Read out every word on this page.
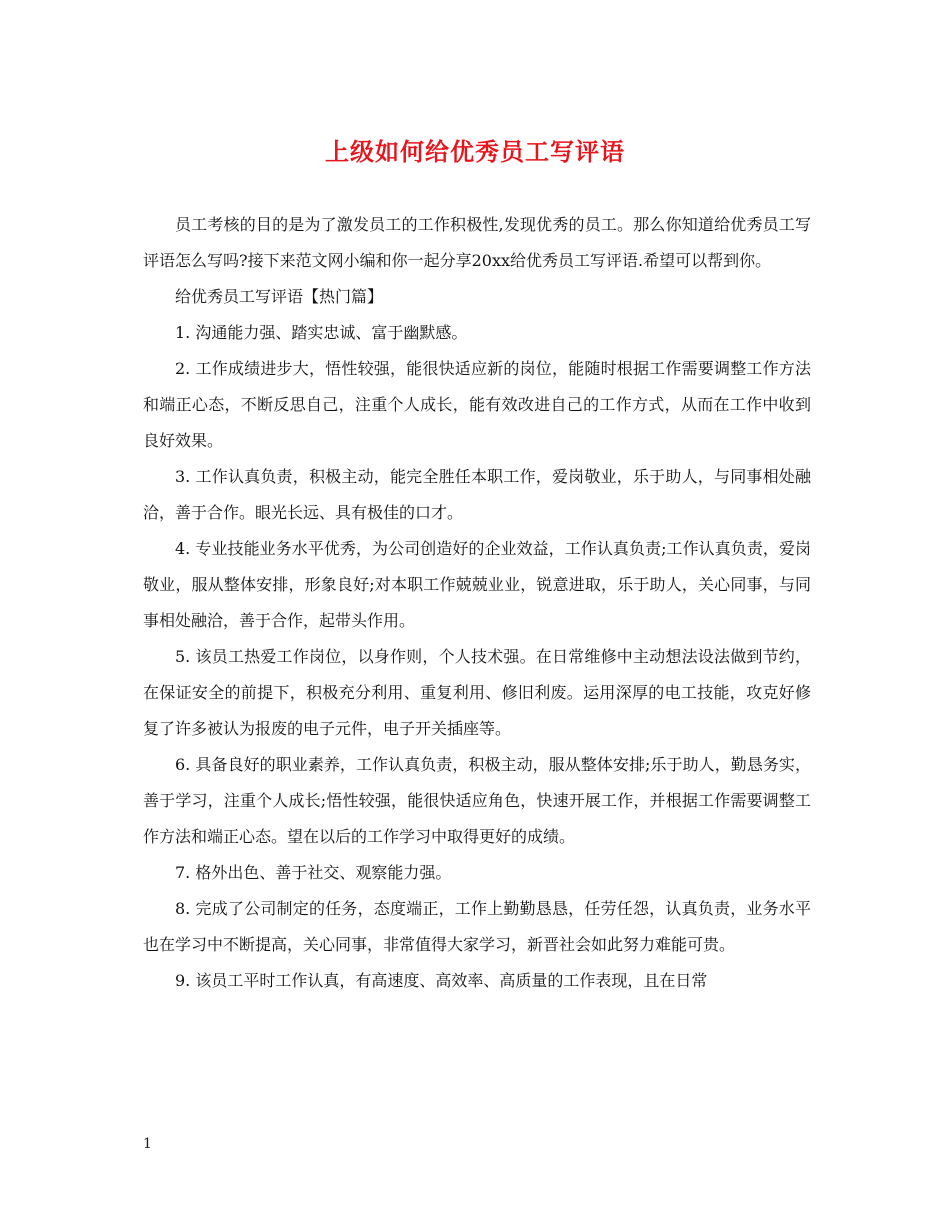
上级如何给优秀员工写评语

员工考核的目的是为了激发员工的工作积极性,发现优秀的员工。那么你知道给优秀员工写评语怎么写吗?接下来范文网小编和你一起分享20xx给优秀员工写评语.希望可以帮到你。

给优秀员工写评语【热门篇】

1. 沟通能力强、踏实忠诚、富于幽默感。

2. 工作成绩进步大，悟性较强，能很快适应新的岗位，能随时根据工作需要调整工作方法和端正心态，不断反思自己，注重个人成长，能有效改进自己的工作方式，从而在工作中收到良好效果。

3. 工作认真负责，积极主动，能完全胜任本职工作，爱岗敬业，乐于助人，与同事相处融洽，善于合作。眼光长远、具有极佳的口才。

4. 专业技能业务水平优秀，为公司创造好的企业效益，工作认真负责;工作认真负责，爱岗敬业，服从整体安排，形象良好;对本职工作兢兢业业，锐意进取，乐于助人，关心同事，与同事相处融洽，善于合作，起带头作用。

5. 该员工热爱工作岗位，以身作则，个人技术强。在日常维修中主动想法设法做到节约，在保证安全的前提下，积极充分利用、重复利用、修旧利废。运用深厚的电工技能，攻克好修复了许多被认为报废的电子元件，电子开关插座等。

6. 具备良好的职业素养，工作认真负责，积极主动，服从整体安排;乐于助人，勤恳务实，善于学习，注重个人成长;悟性较强，能很快适应角色，快速开展工作，并根据工作需要调整工作方法和端正心态。望在以后的工作学习中取得更好的成绩。

7. 格外出色、善于社交、观察能力强。

8. 完成了公司制定的任务，态度端正，工作上勤勤恳恳，任劳任怨，认真负责，业务水平也在学习中不断提高，关心同事，非常值得大家学习，新晋社会如此努力难能可贵。

9. 该员工平时工作认真，有高速度、高效率、高质量的工作表现，且在日常

1
